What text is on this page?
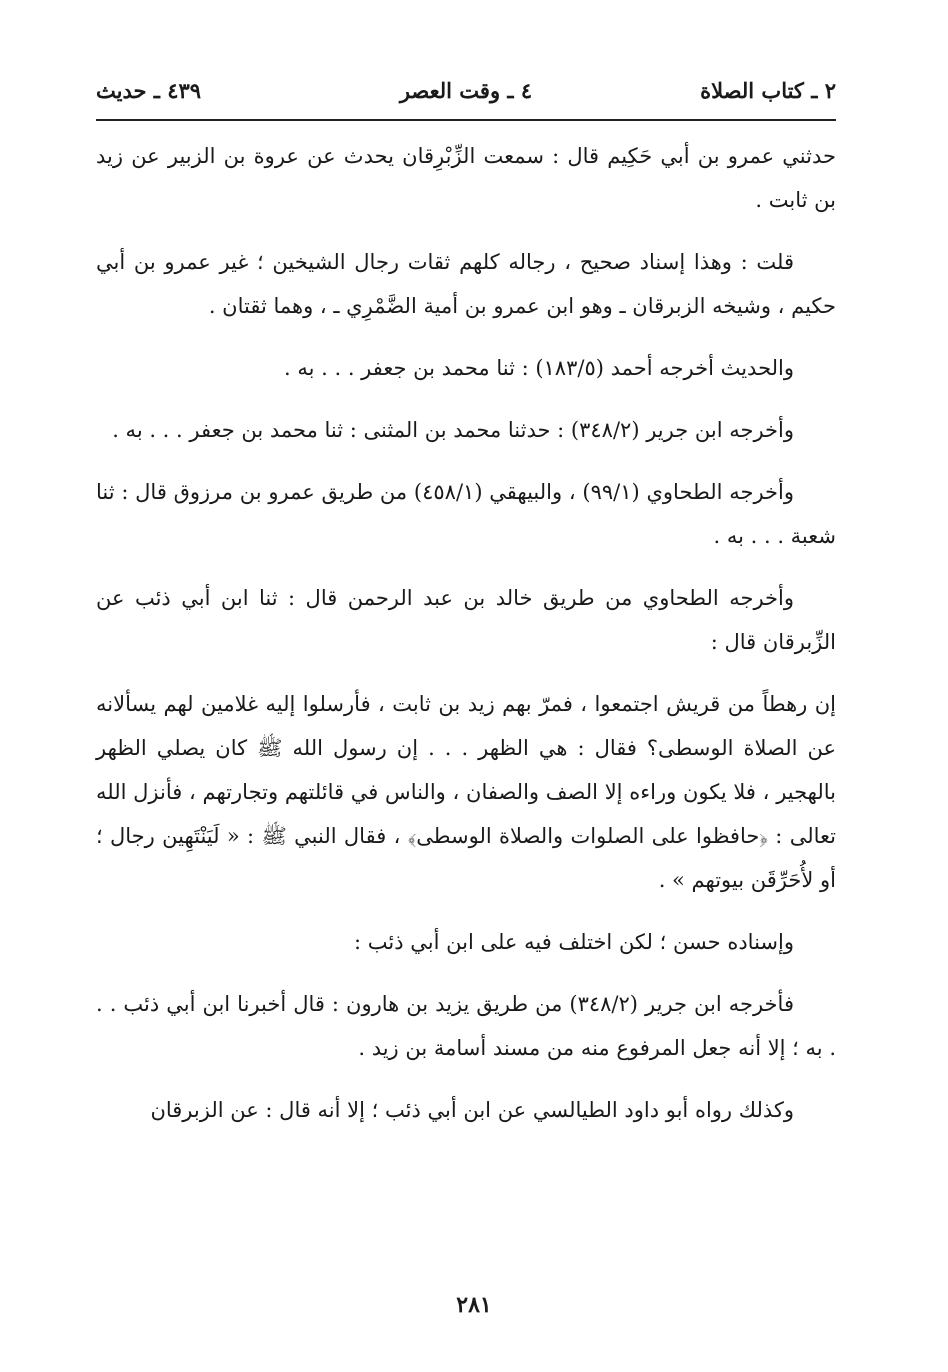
٢ ـ كتاب الصلاة
٤ ـ وقت العصر
٤٣٩ ـ حديث

حدثني عمرو بن أبي حَكِيم قال : سمعت الزِّبْرِقان يحدث عن عروة بن الزبير عن زيد بن ثابت .

قلت : وهذا إسناد صحيح ، رجاله كلهم ثقات رجال الشيخين ؛ غير عمرو بن أبي حكيم ، وشيخه الزبرقان ـ وهو ابن عمرو بن أمية الضَّمْرِي ـ ، وهما ثقتان .

والحديث أخرجه أحمد (١٨٣/٥) : ثنا محمد بن جعفر . . . به .

وأخرجه ابن جرير (٣٤٨/٢) : حدثنا محمد بن المثنى : ثنا محمد بن جعفر . . . به .

وأخرجه الطحاوي (٩٩/١) ، والبيهقي (٤٥٨/١) من طريق عمرو بن مرزوق قال : ثنا شعبة . . . به .

وأخرجه الطحاوي من طريق خالد بن عبد الرحمن قال : ثنا ابن أبي ذئب عن الزِّبرقان قال :

إن رهطاً من قريش اجتمعوا ، فمرّ بهم زيد بن ثابت ، فأرسلوا إليه غلامين لهم يسألانه عن الصلاة الوسطى؟ فقال : هي الظهر . . . إن رسول الله ﷺ كان يصلي الظهر بالهجير ، فلا يكون وراءه إلا الصف والصفان ، والناس في قائلتهم وتجارتهم ، فأنزل الله تعالى : ﴿حافظوا على الصلوات والصلاة الوسطى﴾ ، فقال النبي ﷺ : « لَيَنْتَهِين رجال ؛ أو لأُحَرِّقَن بيوتهم » .

وإسناده حسن ؛ لكن اختلف فيه على ابن أبي ذئب :

فأخرجه ابن جرير (٣٤٨/٢) من طريق يزيد بن هارون : قال أخبرنا ابن أبي ذئب . . . به ؛ إلا أنه جعل المرفوع منه من مسند أسامة بن زيد .

وكذلك رواه أبو داود الطيالسي عن ابن أبي ذئب ؛ إلا أنه قال : عن الزبرقان

٢٨١
